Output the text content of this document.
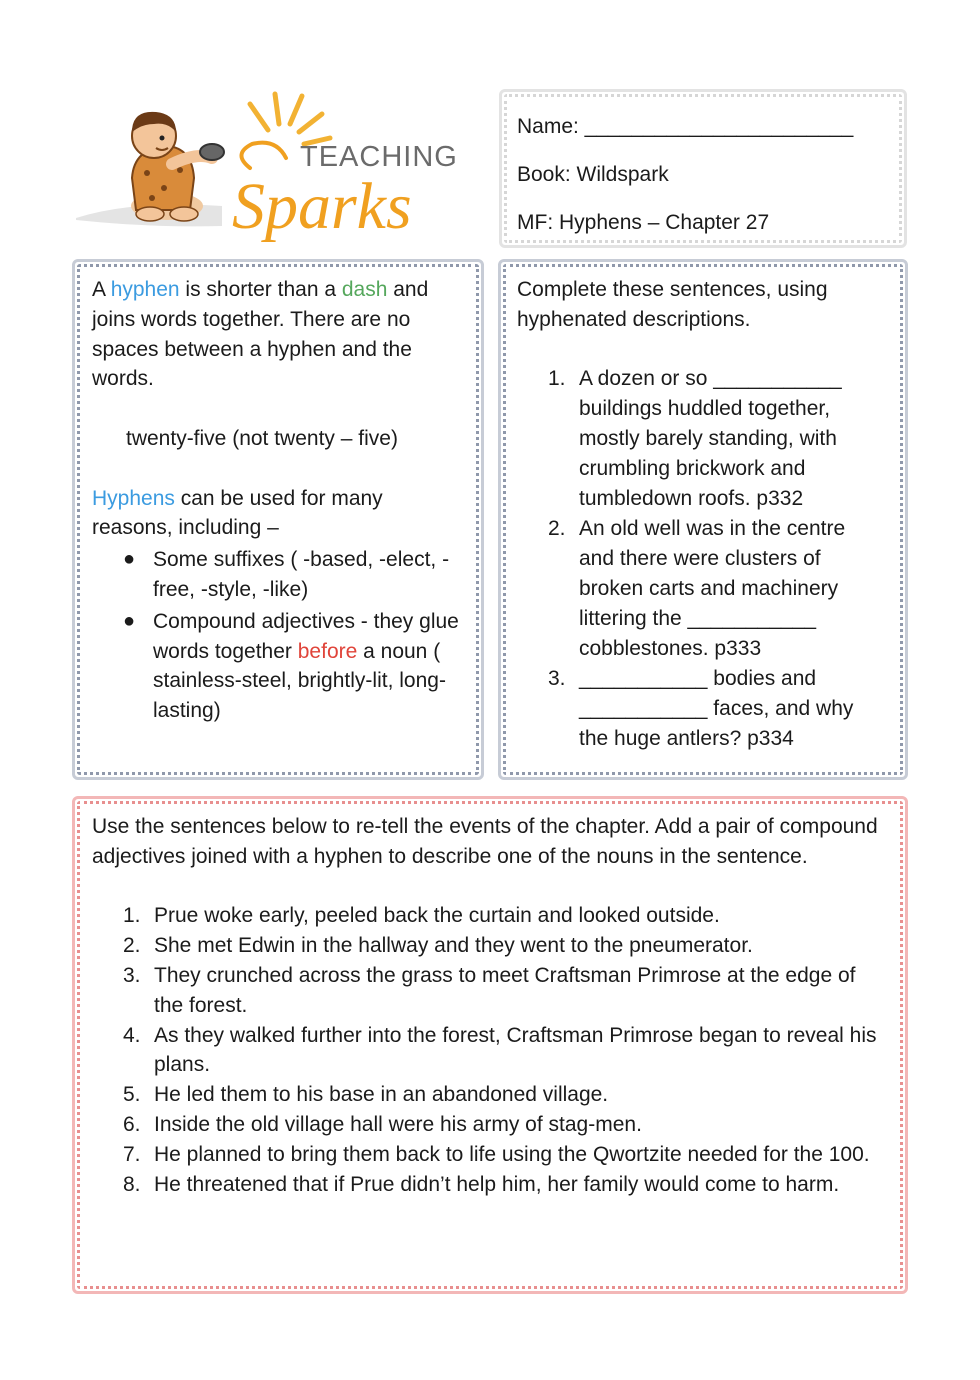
TEACHING
Sparks
Name: _______________________
Book: Wildspark
MF: Hyphens – Chapter 27

A hyphen is shorter than a dash and joins words together. There are no spaces between a hyphen and the words.

twenty-five (not twenty – five)

Hyphens can be used for many reasons, including –

● Some suffixes ( -based, -elect, -free, -style, -like)
● Compound adjectives - they glue words together before a noun ( stainless-steel, brightly-lit, long-lasting)

Complete these sentences, using hyphenated descriptions.

1. A dozen or so ___________ buildings huddled together, mostly barely standing, with crumbling brickwork and tumbledown roofs. p332
2. An old well was in the centre and there were clusters of broken carts and machinery littering the ___________ cobblestones. p333
3. ___________ bodies and ___________ faces, and why the huge antlers? p334

Use the sentences below to re-tell the events of the chapter. Add a pair of compound adjectives joined with a hyphen to describe one of the nouns in the sentence.

1. Prue woke early, peeled back the curtain and looked outside.
2. She met Edwin in the hallway and they went to the pneumerator.
3. They crunched across the grass to meet Craftsman Primrose at the edge of the forest.
4. As they walked further into the forest, Craftsman Primrose began to reveal his plans.
5. He led them to his base in an abandoned village.
6. Inside the old village hall were his army of stag-men.
7. He planned to bring them back to life using the Qwortzite needed for the 100.
8. He threatened that if Prue didn’t help him, her family would come to harm.
